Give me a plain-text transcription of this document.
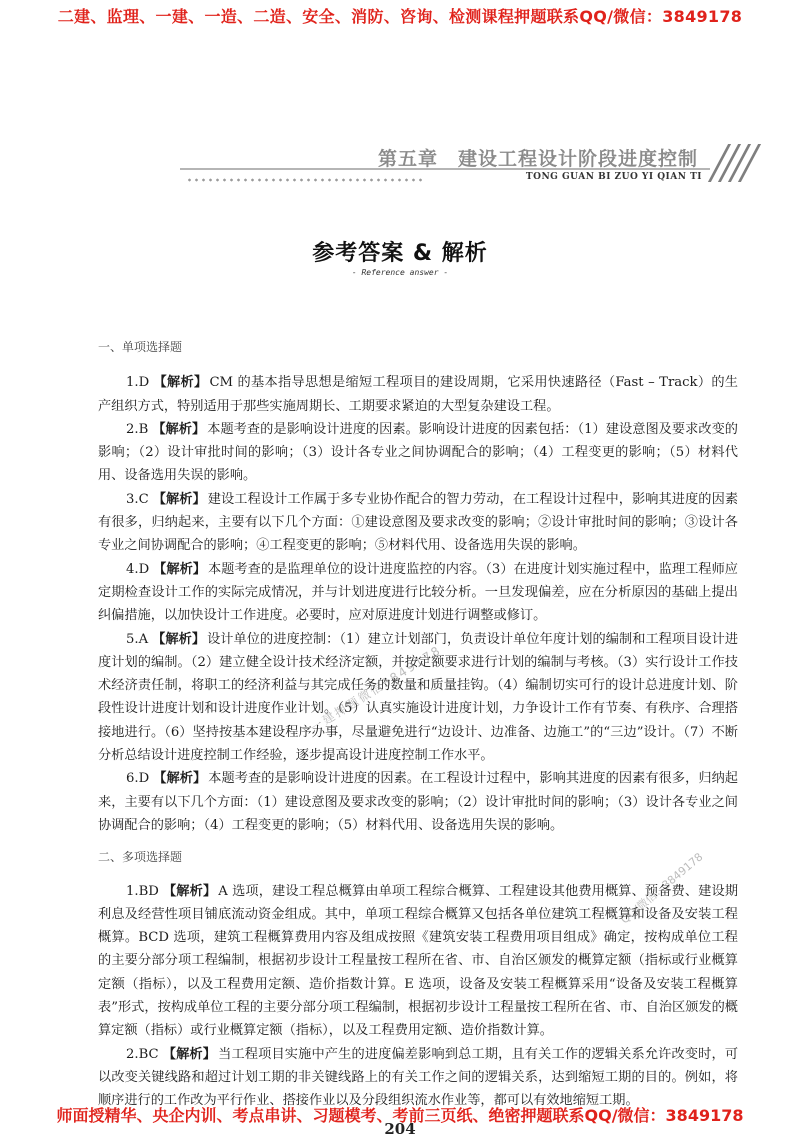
二建、监理、一建、一造、二造、安全、消防、咨询、检测课程押题联系QQ/微信：3849178
第五章　建设工程设计阶段进度控制
TONG GUAN BI ZUO YI QIAN TI
参考答案 & 解析
- Reference answer -
一、单项选择题

1.D 【解析】 CM 的基本指导思想是缩短工程项目的建设周期，它采用快速路径（Fast – Track）的生产组织方式，特别适用于那些实施周期长、工期要求紧迫的大型复杂建设工程。

2.B 【解析】 本题考查的是影响设计进度的因素。影响设计进度的因素包括：（1）建设意图及要求改变的影响；（2）设计审批时间的影响；（3）设计各专业之间协调配合的影响；（4）工程变更的影响；（5）材料代用、设备选用失误的影响。

3.C 【解析】 建设工程设计工作属于多专业协作配合的智力劳动，在工程设计过程中，影响其进度的因素有很多，归纳起来，主要有以下几个方面：①建设意图及要求改变的影响；②设计审批时间的影响；③设计各专业之间协调配合的影响；④工程变更的影响；⑤材料代用、设备选用失误的影响。

4.D 【解析】 本题考查的是监理单位的设计进度监控的内容。（3）在进度计划实施过程中，监理工程师应定期检查设计工作的实际完成情况，并与计划进度进行比较分析。一旦发现偏差，应在分析原因的基础上提出纠偏措施，以加快设计工作进度。必要时，应对原进度计划进行调整或修订。

5.A 【解析】 设计单位的进度控制：（1）建立计划部门，负责设计单位年度计划的编制和工程项目设计进度计划的编制。（2）建立健全设计技术经济定额，并按定额要求进行计划的编制与考核。（3）实行设计工作技术经济责任制，将职工的经济利益与其完成任务的数量和质量挂钩。（4）编制切实可行的设计总进度计划、阶段性设计进度计划和设计进度作业计划。（5）认真实施设计进度计划，力争设计工作有节奏、有秩序、合理搭接地进行。（6）坚持按基本建设程序办事，尽量避免进行“边设计、边准备、边施工”的“三边”设计。（7）不断分析总结设计进度控制工作经验，逐步提高设计进度控制工作水平。

6.D 【解析】 本题考查的是影响设计进度的因素。在工程设计过程中，影响其进度的因素有很多，归纳起来，主要有以下几个方面：（1）建设意图及要求改变的影响；（2）设计审批时间的影响；（3）设计各专业之间协调配合的影响；（4）工程变更的影响；（5）材料代用、设备选用失误的影响。

二、多项选择题

1.BD 【解析】 A 选项，建设工程总概算由单项工程综合概算、工程建设其他费用概算、预备费、建设期利息及经营性项目铺底流动资金组成。其中，单项工程综合概算又包括各单位建筑工程概算和设备及安装工程概算。BCD 选项，建筑工程概算费用内容及组成按照《建筑安装工程费用项目组成》确定，按构成单位工程的主要分部分项工程编制，根据初步设计工程量按工程所在省、市、自治区颁发的概算定额（指标或行业概算定额（指标），以及工程费用定额、造价指数计算。E 选项，设备及安装工程概算采用“设备及安装工程概算表”形式，按构成单位工程的主要分部分项工程编制，根据初步设计工程量按工程所在省、市、自治区颁发的概算定额（指标）或行业概算定额（指标），以及工程费用定额、造价指数计算。

2.BC 【解析】 当工程项目实施中产生的进度偏差影响到总工期，且有关工作的逻辑关系允许改变时，可以改变关键线路和超过计划工期的非关键线路上的有关工作之间的逻辑关系，达到缩短工期的目的。例如，将顺序进行的工作改为平行作业、搭接作业以及分段组织流水作业等，都可以有效地缩短工期。

一建押题微信3849178
QQ/微信：3849178
师面授精华、央企内训、考点串讲、习题模考、考前三页纸、绝密押题联系QQ/微信：3849178
204
